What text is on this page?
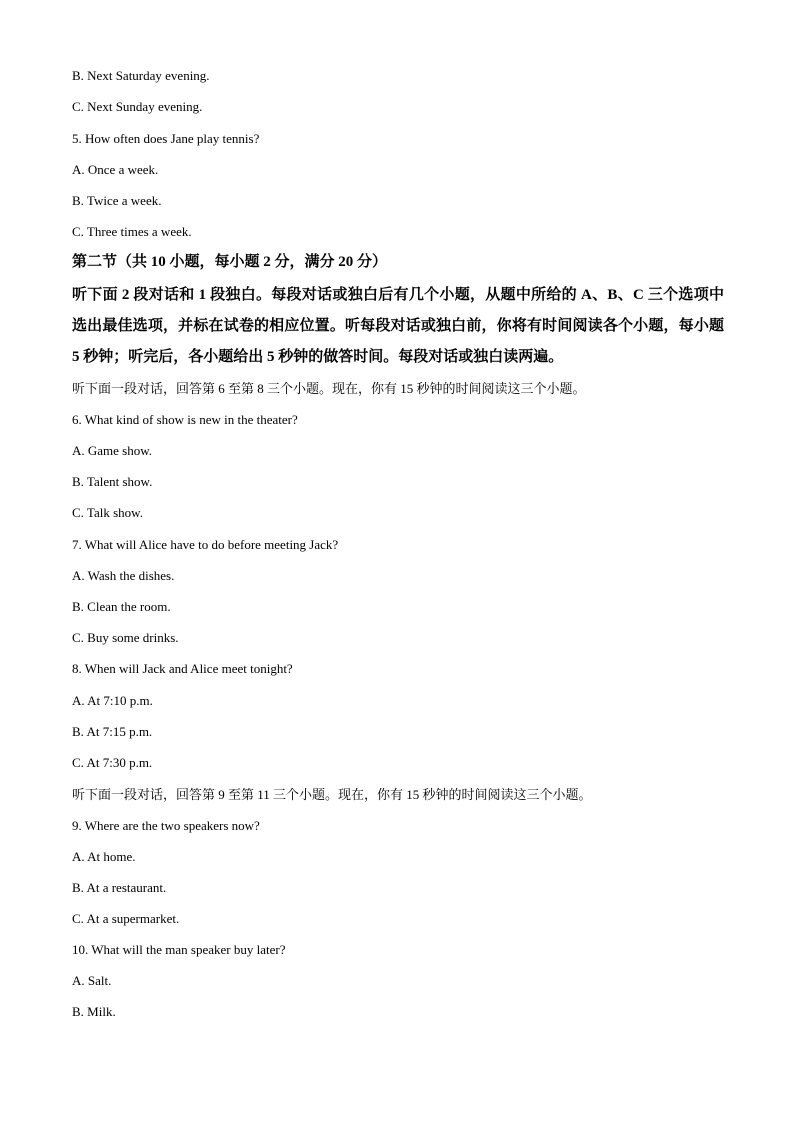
B. Next Saturday evening.
C. Next Sunday evening.
5. How often does Jane play tennis?
A. Once a week.
B. Twice a week.
C. Three times a week.
第二节（共 10 小题，每小题 2 分，满分 20 分）
听下面 2 段对话和 1 段独白。每段对话或独白后有几个小题，从题中所给的 A、B、C 三个选项中选出最佳选项，并标在试卷的相应位置。听每段对话或独白前，你将有时间阅读各个小题，每小题 5 秒钟；听完后，各小题给出 5 秒钟的做答时间。每段对话或独白读两遍。
听下面一段对话，回答第 6 至第 8 三个小题。现在，你有 15 秒钟的时间阅读这三个小题。
6. What kind of show is new in the theater?
A. Game show.
B. Talent show.
C. Talk show.
7. What will Alice have to do before meeting Jack?
A. Wash the dishes.
B. Clean the room.
C. Buy some drinks.
8. When will Jack and Alice meet tonight?
A. At 7:10 p.m.
B. At 7:15 p.m.
C. At 7:30 p.m.
听下面一段对话，回答第 9 至第 11 三个小题。现在，你有 15 秒钟的时间阅读这三个小题。
9. Where are the two speakers now?
A. At home.
B. At a restaurant.
C. At a supermarket.
10. What will the man speaker buy later?
A. Salt.
B. Milk.
